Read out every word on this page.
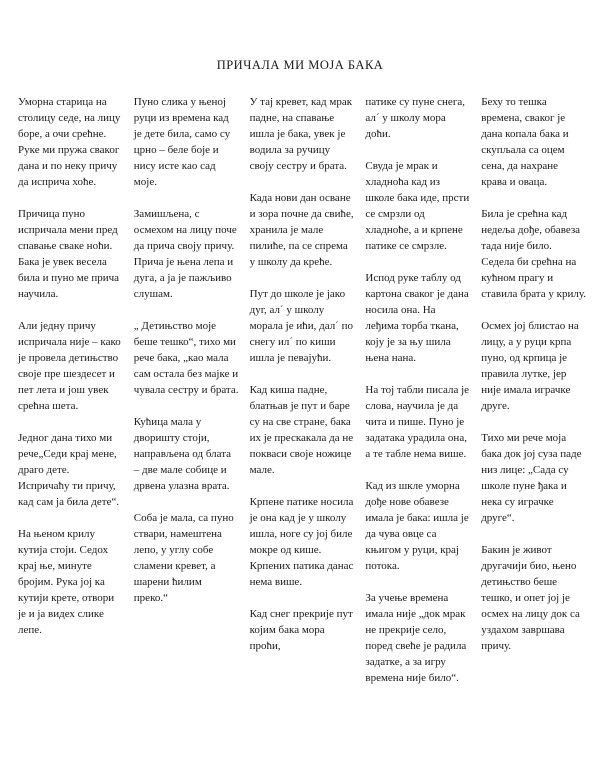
ПРИЧАЛА МИ МОЈА БАКА

Уморна старица на столицу седе, на лицу боре, а очи срећне. Руке ми пружа сваког дана и по неку причу да исприча хоће.

Причица пуно испричала мени пред спавање сваке ноћи. Бака је увек весела била и пуно ме прича научила.

Али једну причу испричала није – како је провела детињство своје пре шездесет и пет лета и још увек срећна шета.

Једног дана тихо ми рече„Седи крај мене, драго дете. Испричаћу ти причу, кад сам ја била дете“.

На њеном крилу кутија стоји. Седох крај ње, минуте бројим. Рука јој ка кутији крете, отвори је и ја видех слике лепе.

Пуно слика у њеној руци из времена кад је дете била, само су црно – беле боје и нису исте као сад моје.

Замишљена, с осмехом на лицу поче да прича своју причу. Прича је њена лепа и дуга, а ја је пажљиво слушам.

„ Детињство моје беше тешко“, тихо ми рече бака, „као мала сам остала без мајке и чувала сестру и брата.

Кућица мала у дворишту стоји, направљена од блата – две мале собице и дрвена улазна врата.

Соба је мала, са пуно ствари, намештена лепо, у углу собе сламени кревет, а шарени ћилим преко.“

У тај кревет, кад мрак падне, на спавање ишла је бака, увек је водила за ручицу своју сестру и брата.

Када нови дан осване и зора почне да свиће, хранила је мале пилиће, па се спрема у школу да креће.

Пут до школе је јако дуг, ал´ у школу морала је ићи, дал´ по снегу ил´ по киши ишла је певајући.

Кад киша падне, блатњав је пут и баре су на све стране, бака их је прескакала да не покваси своје ножице мале.

Крпене патике носила је она кад је у школу ишла, ноге су јој биле мокре од кише. Крпених патика данас нема више.

Кад снег прекрије пут којим бака мора проћи,

патике су пуне снега, ал´ у школу мора доћи.

Свуда је мрак и хладноћа кад из школе бака иде, прсти се смрзли од хладноће, а и крпене патике се смрзле.

Испод руке таблу од картона сваког је дана носила она. На леђима торба ткана, коју је за њу шила њена нана.

На тој табли писала је слова, научила је да чита и пише. Пуно је задатака урадила она, а те табле нема више.

Кад из шкле уморна дође нове обавезе имала је бака: ишла је да чува овце са књигом у руци, крај потока.

За учење времена имала није „док мрак не прекрије село, поред свеће је радила задатке, а за игру времена није било“.

Беху то тешка времена, сваког је дана копала бака и скупљала са оцем сена, да нахране крава и оваца.

Била је срећна кад недеља дође, обавеза тада није било. Седела би срећна на кућном прагу и ставила брата у крилу.

Осмех јој блистао на лицу, а у руци крпа пуно, од крпица је правила лутке, јер није имала играчке друге.

Тихо ми рече моја бака док јој суза паде низ лице: „Сада су школе пуне ђака и нека су играчке друге“.

Бакин је живот другачији био, њено детињство беше тешко, и опет јој је осмех на лицу док са уздахом завршава причу.
